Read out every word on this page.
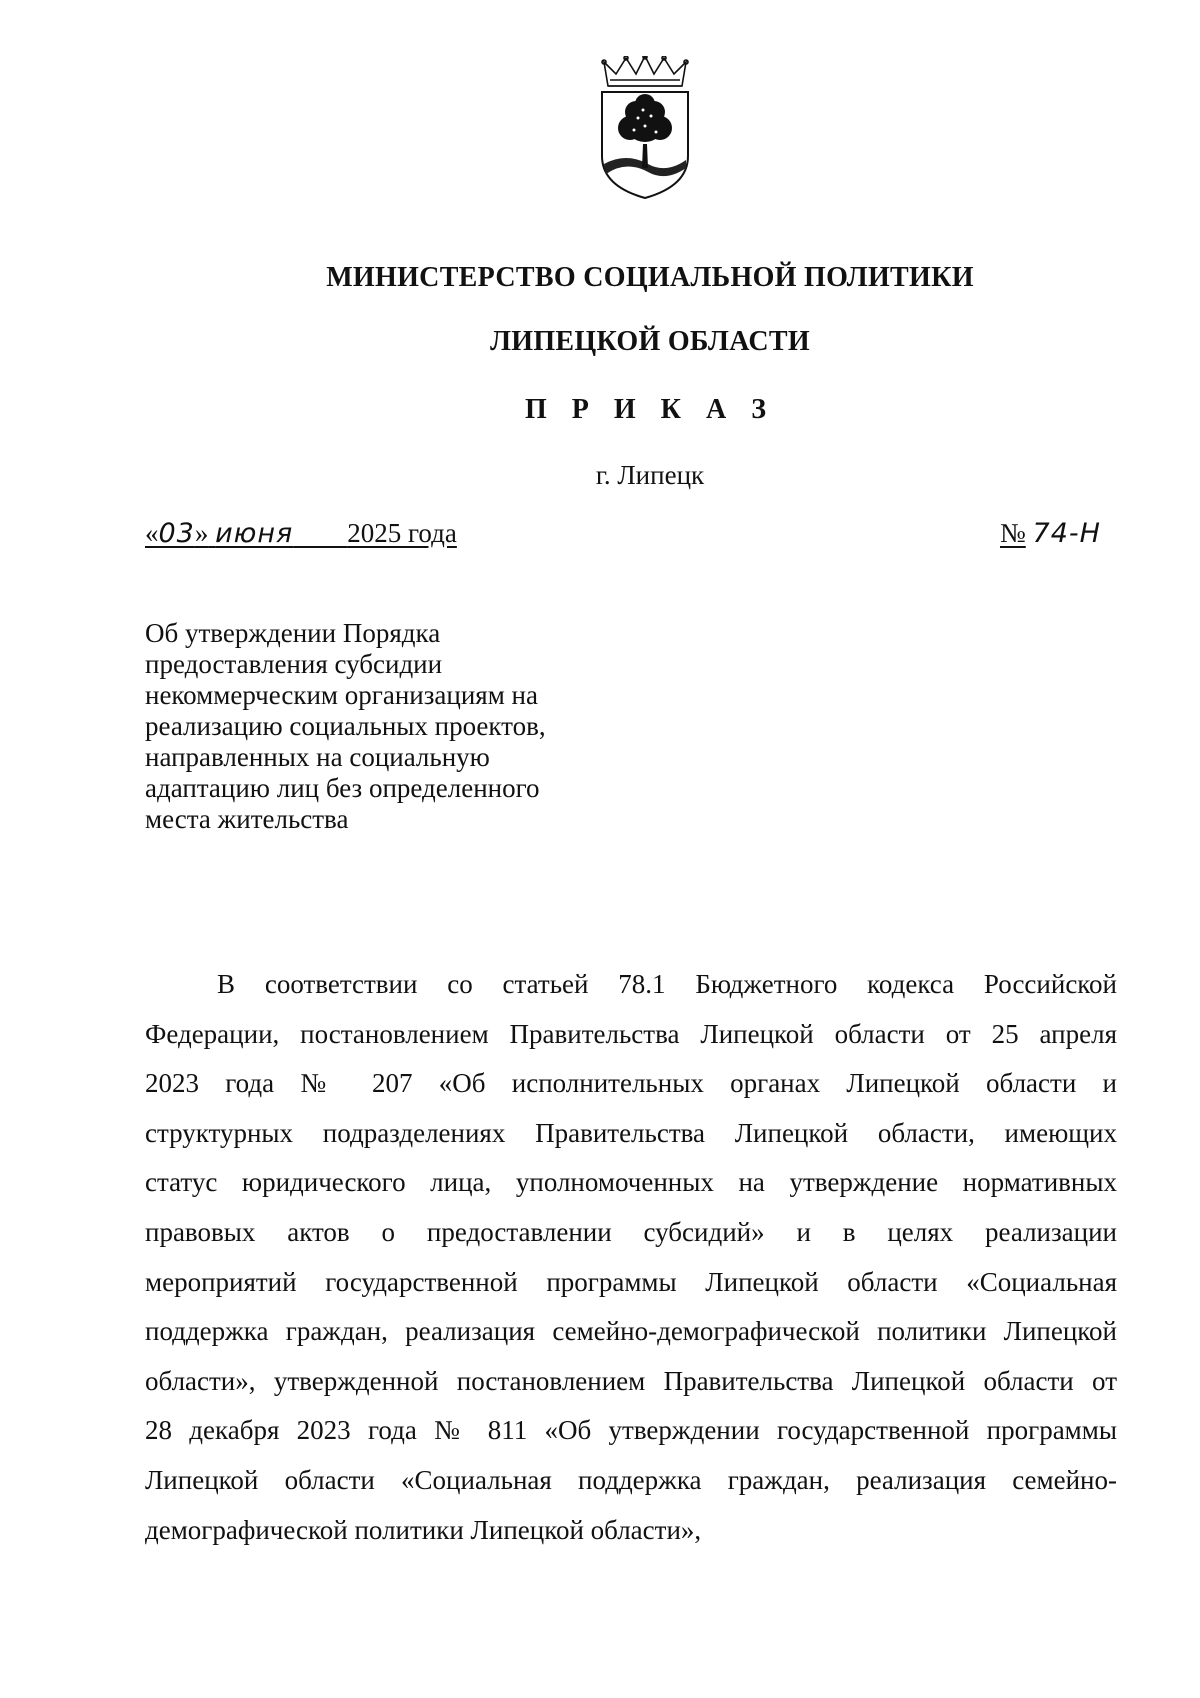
МИНИСТЕРСТВО СОЦИАЛЬНОЙ ПОЛИТИКИ
ЛИПЕЦКОЙ ОБЛАСТИ
П Р И К А З
г. Липецк
«03» июня 2025 года	№ 74-Н
Об утверждении Порядка
предоставления субсидии
некоммерческим организациям на
реализацию социальных проектов,
направленных на социальную
адаптацию лиц без определенного
места жительства
В соответствии со статьей 78.1 Бюджетного кодекса Российской
Федерации, постановлением Правительства Липецкой области от 25 апреля
2023 года № 207 «Об исполнительных органах Липецкой области и
структурных подразделениях Правительства Липецкой области, имеющих
статус юридического лица, уполномоченных на утверждение нормативных
правовых актов о предоставлении субсидий» и в целях реализации
мероприятий государственной программы Липецкой области «Социальная
поддержка граждан, реализация семейно-демографической политики Липецкой
области», утвержденной постановлением Правительства Липецкой области от
28 декабря 2023 года № 811 «Об утверждении государственной программы
Липецкой области «Социальная поддержка граждан, реализация семейно-
демографической политики Липецкой области»,
